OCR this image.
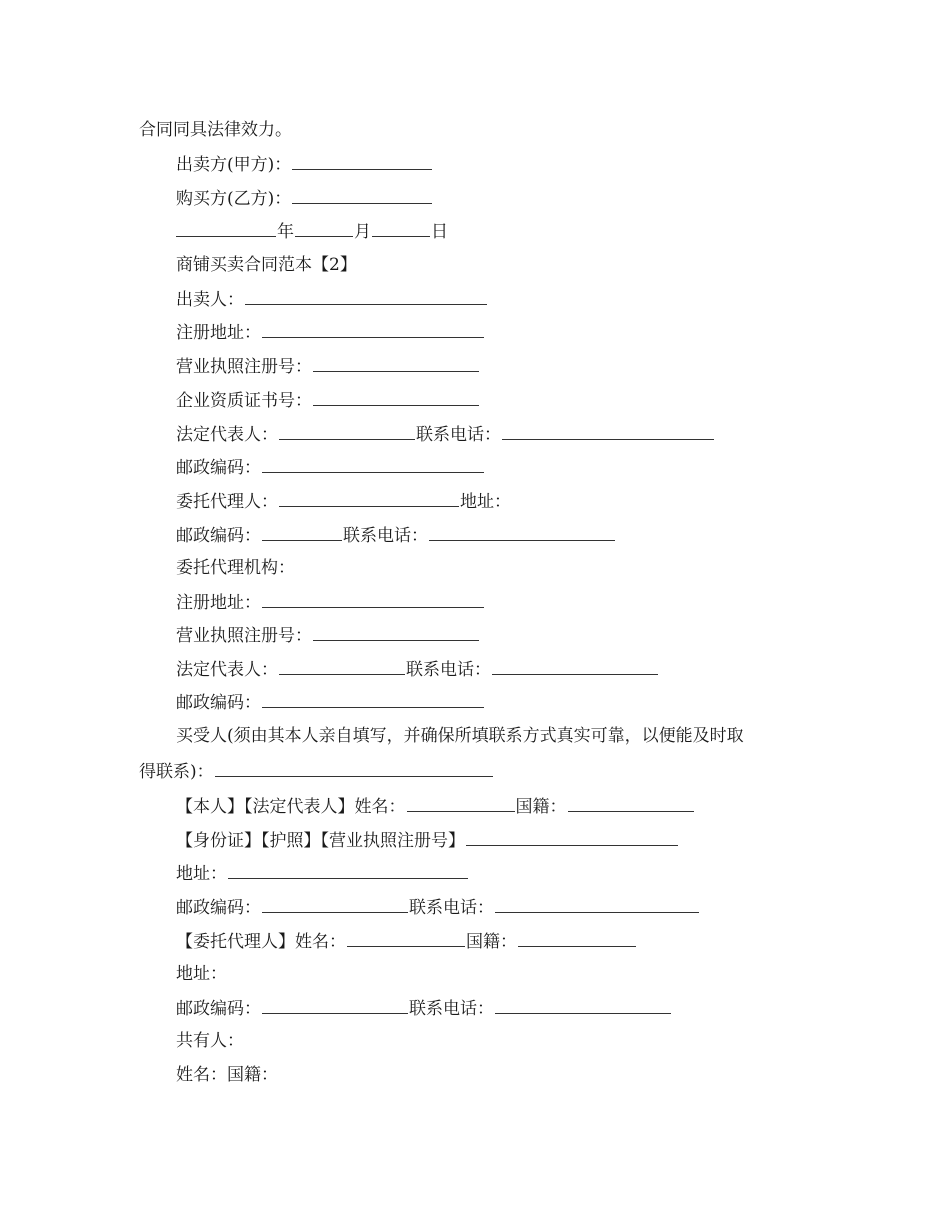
合同同具法律效力。
出卖方(甲方)：
购买方(乙方)：
年	月	日
商铺买卖合同范本【2】
出卖人：
注册地址：
营业执照注册号：
企业资质证书号：
法定代表人：	联系电话：
邮政编码：
委托代理人：	地址：
邮政编码：	联系电话：
委托代理机构：
注册地址：
营业执照注册号：
法定代表人：	联系电话：
邮政编码：
买受人(须由其本人亲自填写，并确保所填联系方式真实可靠，以便能及时取
得联系)：
【本人】【法定代表人】姓名：	国籍：
【身份证】【护照】【营业执照注册号】
地址：
邮政编码：	联系电话：
【委托代理人】姓名：	国籍：
地址：
邮政编码：	联系电话：
共有人：
姓名：国籍：
